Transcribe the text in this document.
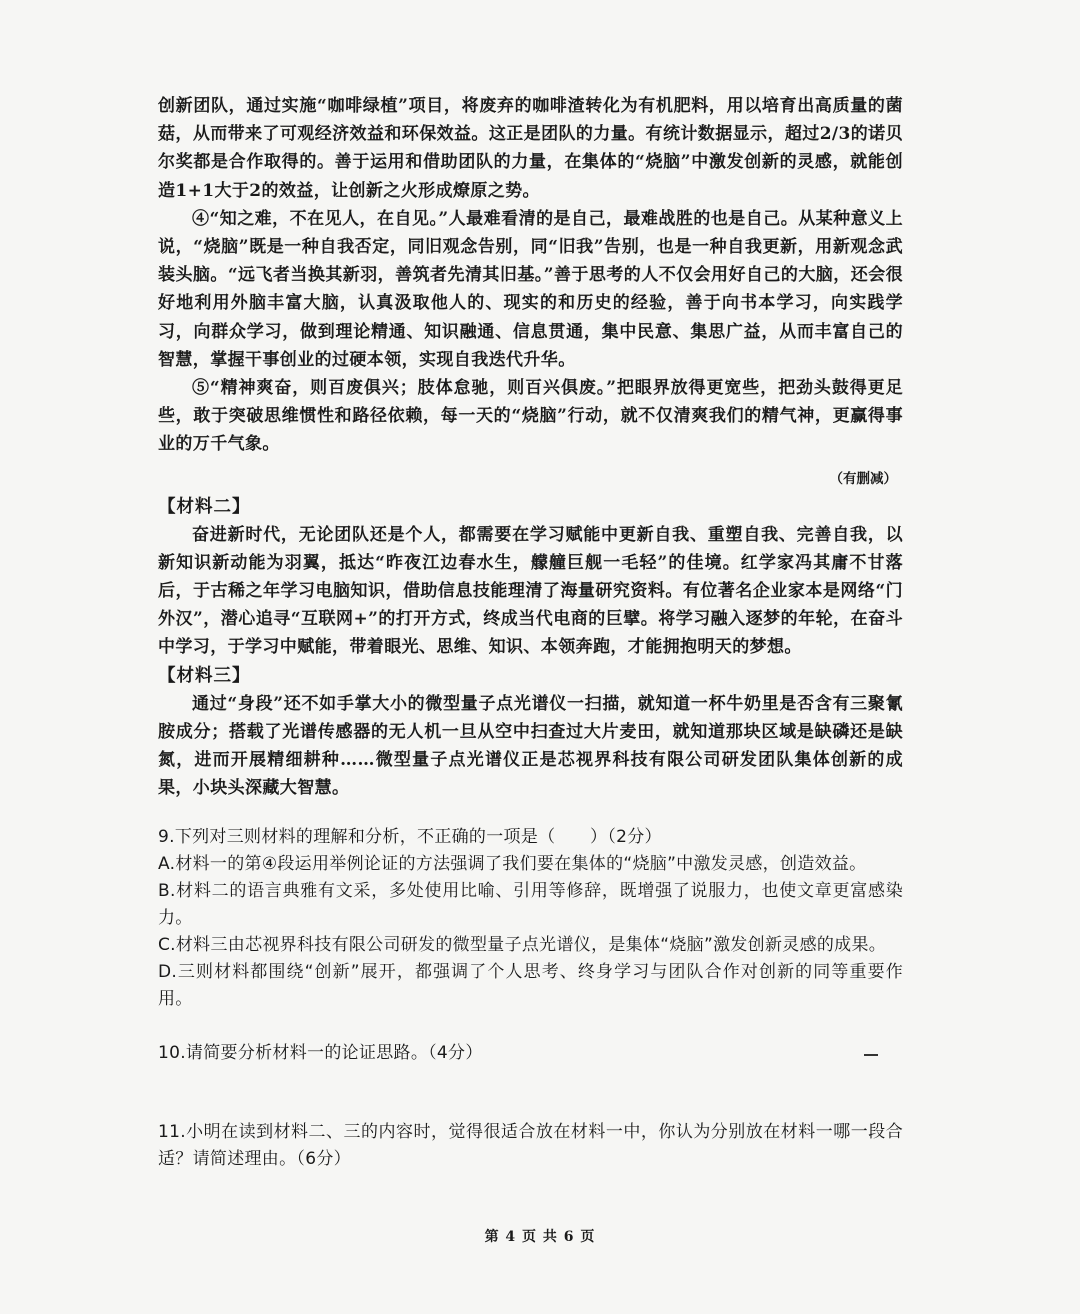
创新团队，通过实施“咖啡绿植”项目，将废弃的咖啡渣转化为有机肥料，用以培育出高质量的菌菇，从而带来了可观经济效益和环保效益。这正是团队的力量。有统计数据显示，超过2/3的诺贝尔奖都是合作取得的。善于运用和借助团队的力量，在集体的“烧脑”中激发创新的灵感，就能创造1+1大于2的效益，让创新之火形成燎原之势。

④“知之难，不在见人，在自见。”人最难看清的是自己，最难战胜的也是自己。从某种意义上说，“烧脑”既是一种自我否定，同旧观念告别，同“旧我”告别，也是一种自我更新，用新观念武装头脑。“远飞者当换其新羽，善筑者先清其旧基。”善于思考的人不仅会用好自己的大脑，还会很好地利用外脑丰富大脑，认真汲取他人的、现实的和历史的经验，善于向书本学习，向实践学习，向群众学习，做到理论精通、知识融通、信息贯通，集中民意、集思广益，从而丰富自己的智慧，掌握干事创业的过硬本领，实现自我迭代升华。

⑤“精神爽奋，则百废俱兴；肢体怠驰，则百兴俱废。”把眼界放得更宽些，把劲头鼓得更足些，敢于突破思维惯性和路径依赖，每一天的“烧脑”行动，就不仅清爽我们的精气神，更赢得事业的万千气象。

（有删减）

【材料二】

奋进新时代，无论团队还是个人，都需要在学习赋能中更新自我、重塑自我、完善自我，以新知识新动能为羽翼，抵达“昨夜江边春水生，艨艟巨舰一毛轻”的佳境。红学家冯其庸不甘落后，于古稀之年学习电脑知识，借助信息技能理清了海量研究资料。有位著名企业家本是网络“门外汉”，潜心追寻“互联网+”的打开方式，终成当代电商的巨擘。将学习融入逐梦的年轮，在奋斗中学习，于学习中赋能，带着眼光、思维、知识、本领奔跑，才能拥抱明天的梦想。

【材料三】

通过“身段”还不如手掌大小的微型量子点光谱仪一扫描，就知道一杯牛奶里是否含有三聚氰胺成分；搭载了光谱传感器的无人机一旦从空中扫查过大片麦田，就知道那块区域是缺磷还是缺氮，进而开展精细耕种……微型量子点光谱仪正是芯视界科技有限公司研发团队集体创新的成果，小块头深藏大智慧。

9.下列对三则材料的理解和分析，不正确的一项是（　　）（2分）

A.材料一的第④段运用举例论证的方法强调了我们要在集体的“烧脑”中激发灵感，创造效益。

B.材料二的语言典雅有文采，多处使用比喻、引用等修辞，既增强了说服力，也使文章更富感染力。

C.材料三由芯视界科技有限公司研发的微型量子点光谱仪，是集体“烧脑”激发创新灵感的成果。

D.三则材料都围绕“创新”展开，都强调了个人思考、终身学习与团队合作对创新的同等重要作用。

10.请简要分析材料一的论证思路。（4分）

11.小明在读到材料二、三的内容时，觉得很适合放在材料一中，你认为分别放在材料一哪一段合适？请简述理由。（6分）

第 4 页 共 6 页
